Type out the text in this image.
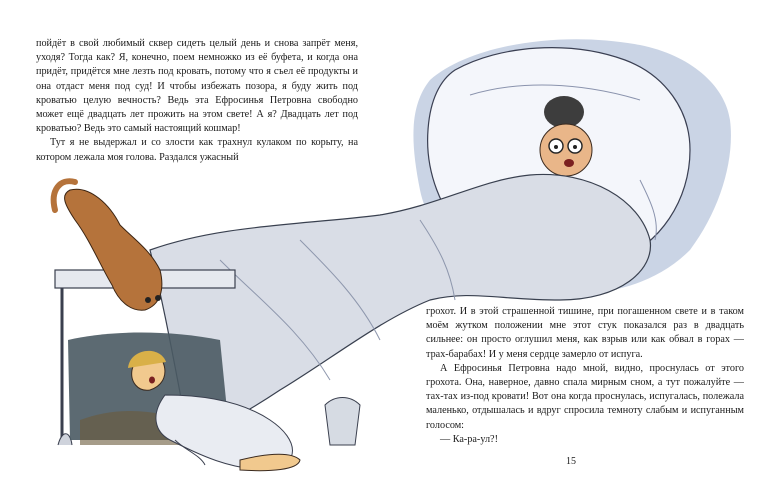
пойдёт в свой любимый сквер сидеть целый день и снова запрёт меня, уходя? Тогда как? Я, конечно, поем немножко из её буфета, и когда она придёт, придётся мне лезть под кровать, потому что я съел её продукты и она отдаст меня под суд! И чтобы избежать позора, я буду жить под кроватью целую вечность? Ведь эта Ефросинья Петровна свободно может ещё двадцать лет прожить на этом свете! А я? Двадцать лет под кроватью? Ведь это самый настоящий кошмар!

Тут я не выдержал и со злости как трахнул кулаком по корыту, на котором лежала моя голова. Раздался ужасный

грохот. И в этой страшенной тишине, при погашенном свете и в таком моём жутком положении мне этот стук показался раз в двадцать сильнее: он просто оглушил меня, как взрыв или как обвал в горах — трах-барабах! И у меня сердце замерло от испуга.

А Ефросинья Петровна надо мной, видно, проснулась от этого грохота. Она, наверное, давно спала мирным сном, а тут пожалуйте — тах-тах из-под кровати! Вот она когда проснулась, испугалась, полежала маленько, отдышалась и вдруг спросила темноту слабым и испуганным голосом:

— Ка-ра-ул?!

15
